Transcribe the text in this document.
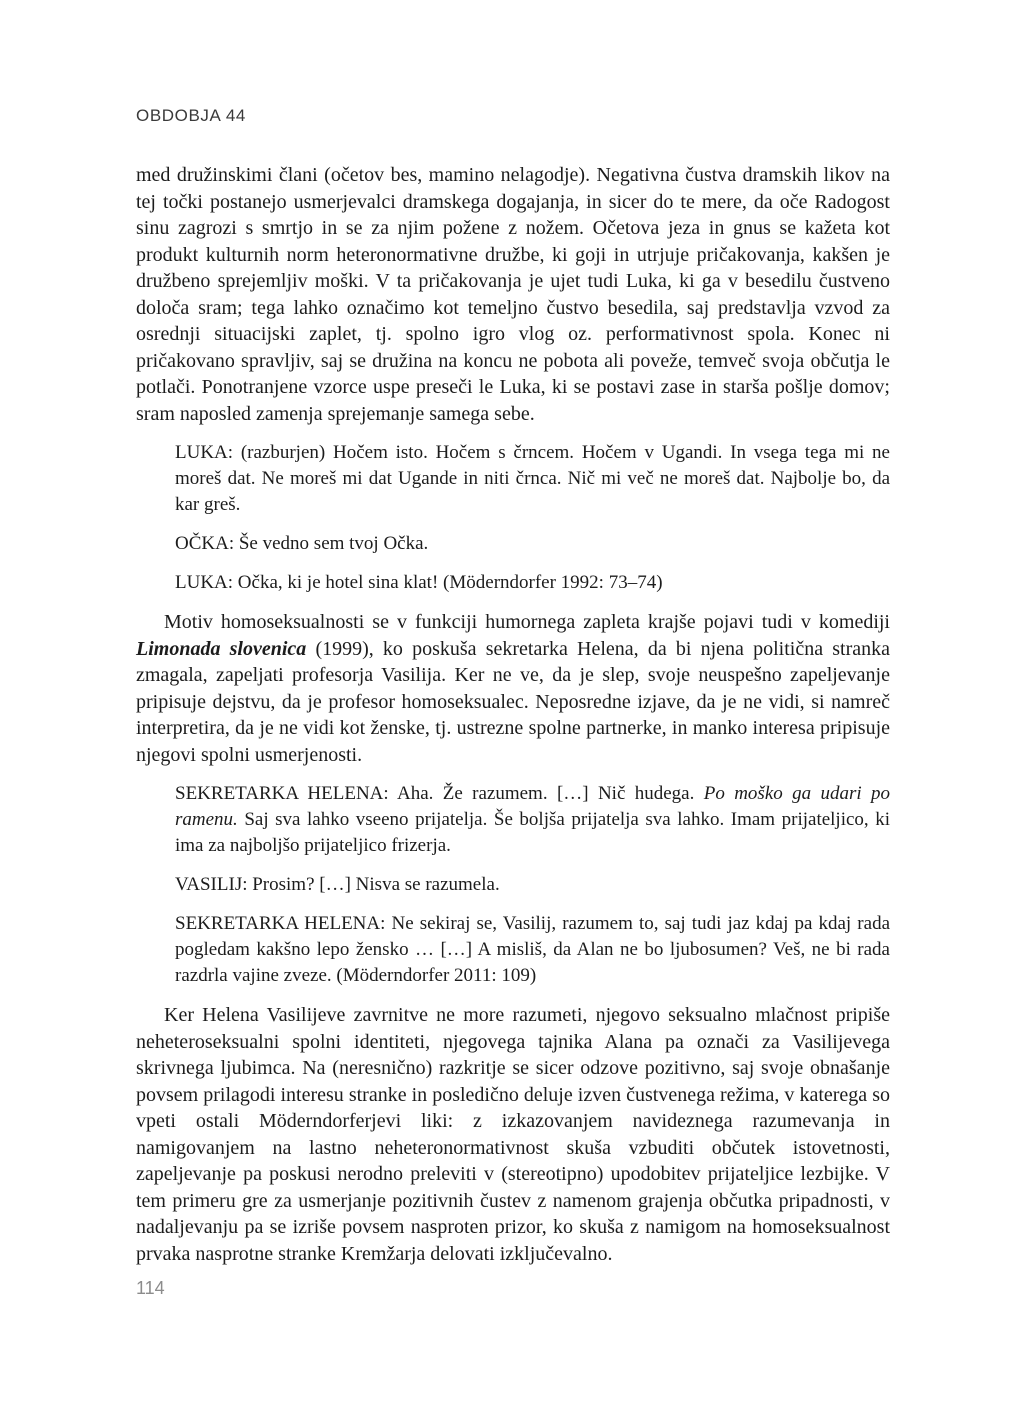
OBDOBJA 44

med družinskimi člani (očetov bes, mamino nelagodje). Negativna čustva dramskih likov na tej točki postanejo usmerjevalci dramskega dogajanja, in sicer do te mere, da oče Radogost sinu zagrozi s smrtjo in se za njim požene z nožem. Očetova jeza in gnus se kažeta kot produkt kulturnih norm heteronormativne družbe, ki goji in utrjuje pričakovanja, kakšen je družbeno sprejemljiv moški. V ta pričakovanja je ujet tudi Luka, ki ga v besedilu čustveno določa sram; tega lahko označimo kot temeljno čustvo besedila, saj predstavlja vzvod za osrednji situacijski zaplet, tj. spolno igro vlog oz. performativnost spola. Konec ni pričakovano spravljiv, saj se družina na koncu ne pobota ali poveže, temveč svoja občutja le potlači. Ponotranjene vzorce uspe preseči le Luka, ki se postavi zase in starša pošlje domov; sram naposled zamenja sprejemanje samega sebe.

LUKA: (razburjen) Hočem isto. Hočem s črncem. Hočem v Ugandi. In vsega tega mi ne moreš dat. Ne moreš mi dat Ugande in niti črnca. Nič mi več ne moreš dat. Najbolje bo, da kar greš.
OČKA: Še vedno sem tvoj Očka.
LUKA: Očka, ki je hotel sina klat! (Möderndorfer 1992: 73–74)

Motiv homoseksualnosti se v funkciji humornega zapleta krajše pojavi tudi v komediji Limonada slovenica (1999), ko poskuša sekretarka Helena, da bi njena politična stranka zmagala, zapeljati profesorja Vasilija. Ker ne ve, da je slep, svoje neuspešno zapeljevanje pripisuje dejstvu, da je profesor homoseksualec. Neposredne izjave, da je ne vidi, si namreč interpretira, da je ne vidi kot ženske, tj. ustrezne spolne partnerke, in manko interesa pripisuje njegovi spolni usmerjenosti.

SEKRETARKA HELENA: Aha. Že razumem. […] Nič hudega. Po moško ga udari po ramenu. Saj sva lahko vseeno prijatelja. Še boljša prijatelja sva lahko. Imam prijateljico, ki ima za najboljšo prijateljico frizerja.
VASILIJ: Prosim? […] Nisva se razumela.
SEKRETARKA HELENA: Ne sekiraj se, Vasilij, razumem to, saj tudi jaz kdaj pa kdaj rada pogledam kakšno lepo žensko … […] A misliš, da Alan ne bo ljubosumen? Veš, ne bi rada razdrla vajine zveze. (Möderndorfer 2011: 109)

Ker Helena Vasilijeve zavrnitve ne more razumeti, njegovo seksualno mlačnost pripiše neheteroseksualni spolni identiteti, njegovega tajnika Alana pa označi za Vasilijevega skrivnega ljubimca. Na (neresnično) razkritje se sicer odzove pozitivno, saj svoje obnašanje povsem prilagodi interesu stranke in posledično deluje izven čustvenega režima, v katerega so vpeti ostali Möderndorferjevi liki: z izkazovanjem navideznega razumevanja in namigovanjem na lastno neheteronormativnost skuša vzbuditi občutek istovetnosti, zapeljevanje pa poskusi nerodno preleviti v (stereotipno) upodobitev prijateljice lezbijke. V tem primeru gre za usmerjanje pozitivnih čustev z namenom grajenja občutka pripadnosti, v nadaljevanju pa se izriše povsem nasproten prizor, ko skuša z namigom na homoseksualnost prvaka nasprotne stranke Kremžarja delovati izključevalno.

114
